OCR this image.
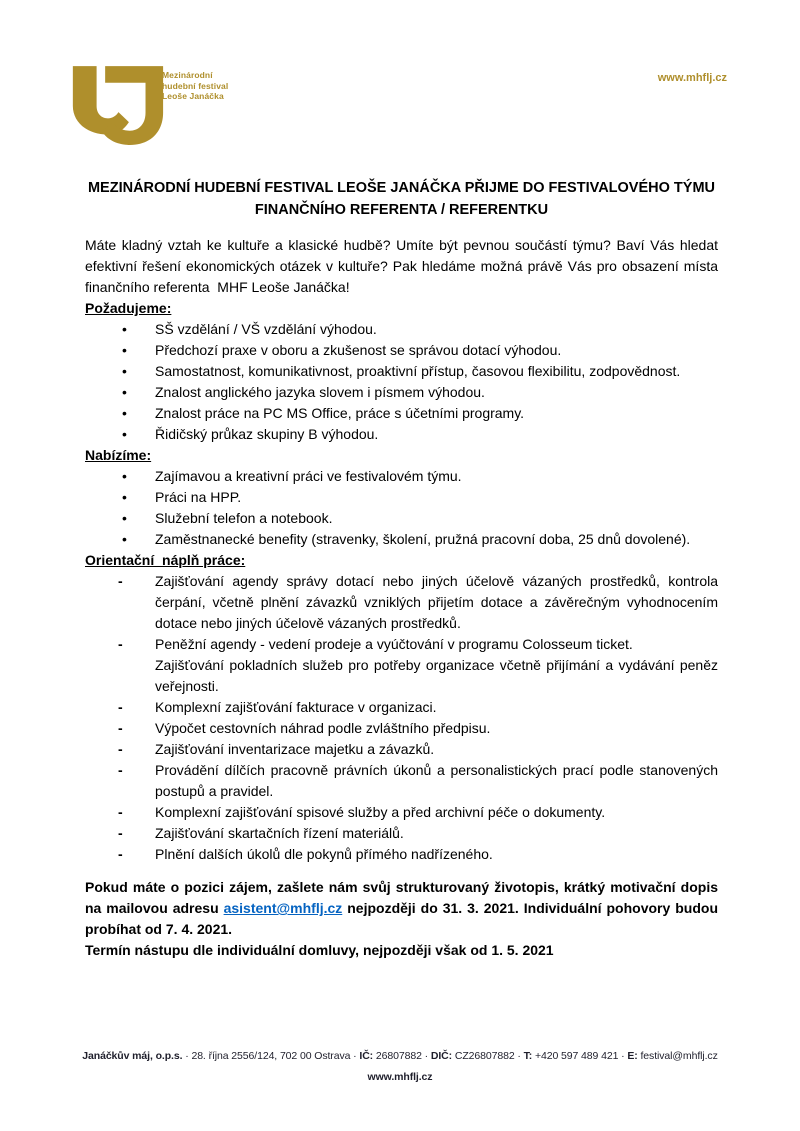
Mezinárodní
hudební festival
Leoše Janáčka
www.mhflj.cz
MEZINÁRODNÍ HUDEBNÍ FESTIVAL LEOŠE JANÁČKA PŘIJME DO FESTIVALOVÉHO TÝMU
FINANČNÍHO REFERENTA / REFERENTKU

Máte kladný vztah ke kultuře a klasické hudbě? Umíte být pevnou součástí týmu? Baví Vás hledat efektivní řešení ekonomických otázek v kultuře? Pak hledáme možná právě Vás pro obsazení místa finančního referenta  MHF Leoše Janáčka!

Požadujeme:
• SŠ vzdělání / VŠ vzdělání výhodou.
• Předchozí praxe v oboru a zkušenost se správou dotací výhodou.
• Samostatnost, komunikativnost, proaktivní přístup, časovou flexibilitu, zodpovědnost.
• Znalost anglického jazyka slovem i písmem výhodou.
• Znalost práce na PC MS Office, práce s účetními programy.
• Řidičský průkaz skupiny B výhodou.
Nabízíme:
• Zajímavou a kreativní práci ve festivalovém týmu.
• Práci na HPP.
• Služební telefon a notebook.
• Zaměstnanecké benefity (stravenky, školení, pružná pracovní doba, 25 dnů dovolené).
Orientační  náplň práce:
- Zajišťování agendy správy dotací nebo jiných účelově vázaných prostředků, kontrola čerpání, včetně plnění závazků vzniklých přijetím dotace a závěrečným vyhodnocením dotace nebo jiných účelově vázaných prostředků.
- Peněžní agendy - vedení prodeje a vyúčtování v programu Colosseum ticket.
Zajišťování pokladních služeb pro potřeby organizace včetně přijímání a vydávání peněz veřejnosti.
- Komplexní zajišťování fakturace v organizaci.
- Výpočet cestovních náhrad podle zvláštního předpisu.
- Zajišťování inventarizace majetku a závazků.
- Provádění dílčích pracovně právních úkonů a personalistických prací podle stanovených postupů a pravidel.
- Komplexní zajišťování spisové služby a před archivní péče o dokumenty.
- Zajišťování skartačních řízení materiálů.
- Plnění dalších úkolů dle pokynů přímého nadřízeného.

Pokud máte o pozici zájem, zašlete nám svůj strukturovaný životopis, krátký motivační dopis na mailovou adresu asistent@mhflj.cz nejpozději do 31. 3. 2021. Individuální pohovory budou probíhat od 7. 4. 2021.

Termín nástupu dle individuální domluvy, nejpozději však od 1. 5. 2021

Janáčkův máj, o.p.s. · 28. října 2556/124, 702 00 Ostrava · IČ: 26807882 · DIČ: CZ26807882 · T: +420 597 489 421 · E: festival@mhflj.cz

www.mhflj.cz
